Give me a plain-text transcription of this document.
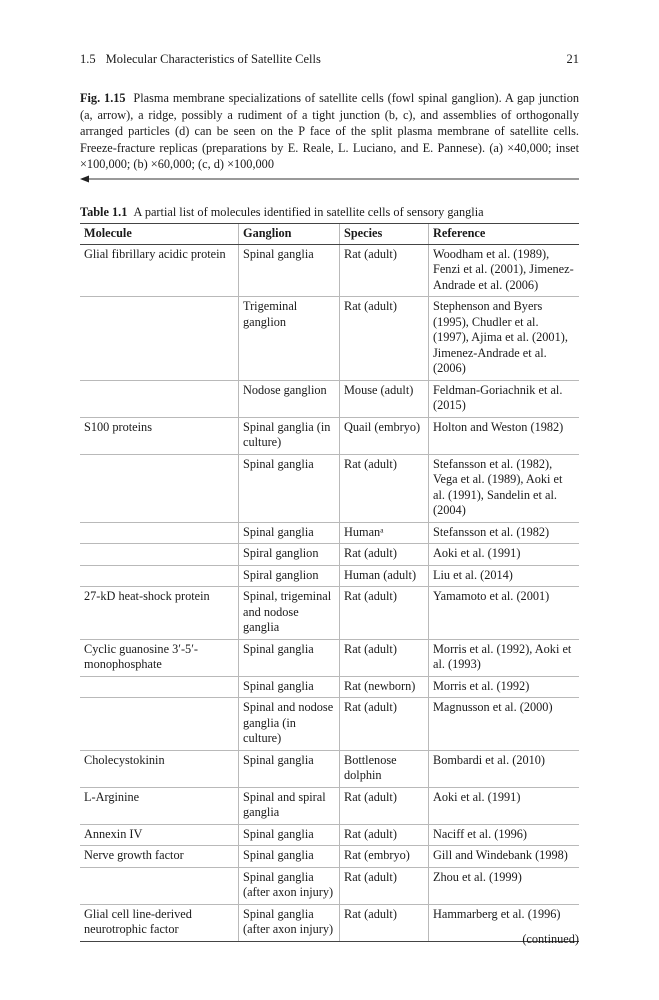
1.5 Molecular Characteristics of Satellite Cells	21
Fig. 1.15 Plasma membrane specializations of satellite cells (fowl spinal ganglion). A gap junction (a, arrow), a ridge, possibly a rudiment of a tight junction (b, c), and assemblies of orthogonally arranged particles (d) can be seen on the P face of the split plasma membrane of satellite cells. Freeze-fracture replicas (preparations by E. Reale, L. Luciano, and E. Pannese). (a) ×40,000; inset ×100,000; (b) ×60,000; (c, d) ×100,000
Table 1.1 A partial list of molecules identified in satellite cells of sensory ganglia
Molecule	Ganglion	Species	Reference
Glial fibrillary acidic protein	Spinal ganglia	Rat (adult)	Woodham et al. (1989), Fenzi et al. (2001), Jimenez-Andrade et al. (2006)
	Trigeminal ganglion	Rat (adult)	Stephenson and Byers (1995), Chudler et al. (1997), Ajima et al. (2001), Jimenez-Andrade et al. (2006)
	Nodose ganglion	Mouse (adult)	Feldman-Goriachnik et al. (2015)
S100 proteins	Spinal ganglia (in culture)	Quail (embryo)	Holton and Weston (1982)
	Spinal ganglia	Rat (adult)	Stefansson et al. (1982), Vega et al. (1989), Aoki et al. (1991), Sandelin et al. (2004)
	Spinal ganglia	Humanᵃ	Stefansson et al. (1982)
	Spiral ganglion	Rat (adult)	Aoki et al. (1991)
	Spiral ganglion	Human (adult)	Liu et al. (2014)
27-kD heat-shock protein	Spinal, trigeminal and nodose ganglia	Rat (adult)	Yamamoto et al. (2001)
Cyclic guanosine 3′-5′-monophosphate	Spinal ganglia	Rat (adult)	Morris et al. (1992), Aoki et al. (1993)
	Spinal ganglia	Rat (newborn)	Morris et al. (1992)
	Spinal and nodose ganglia (in culture)	Rat (adult)	Magnusson et al. (2000)
Cholecystokinin	Spinal ganglia	Bottlenose dolphin	Bombardi et al. (2010)
L-Arginine	Spinal and spiral ganglia	Rat (adult)	Aoki et al. (1991)
Annexin IV	Spinal ganglia	Rat (adult)	Naciff et al. (1996)
Nerve growth factor	Spinal ganglia	Rat (embryo)	Gill and Windebank (1998)
	Spinal ganglia (after axon injury)	Rat (adult)	Zhou et al. (1999)
Glial cell line-derived neurotrophic factor	Spinal ganglia (after axon injury)	Rat (adult)	Hammarberg et al. (1996)
(continued)
